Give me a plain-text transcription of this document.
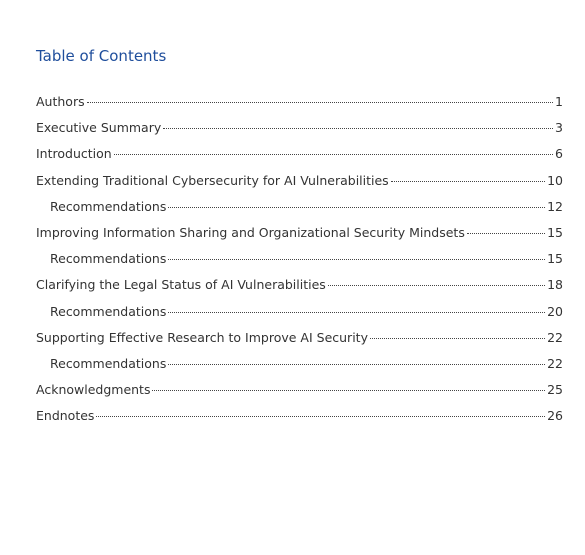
Table of Contents
Authors	1
Executive Summary	3
Introduction	6
Extending Traditional Cybersecurity for AI Vulnerabilities	10
Recommendations	12
Improving Information Sharing and Organizational Security Mindsets	15
Recommendations	15
Clarifying the Legal Status of AI Vulnerabilities	18
Recommendations	20
Supporting Effective Research to Improve AI Security	22
Recommendations	22
Acknowledgments	25
Endnotes	26
